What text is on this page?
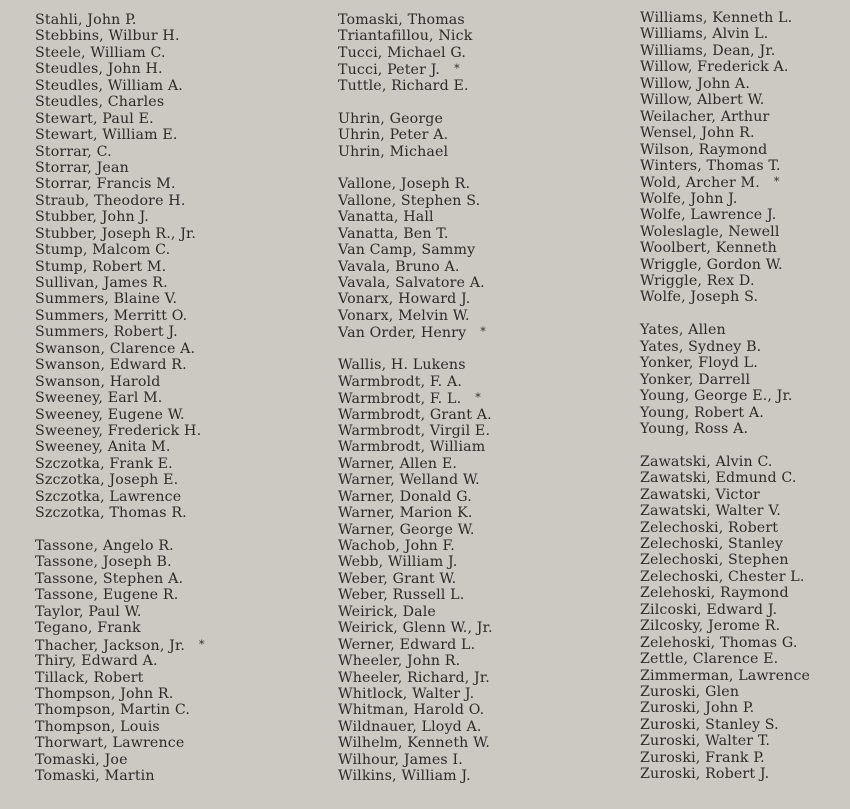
Stahli, John P.
Stebbins, Wilbur H.
Steele, William C.
Steudles, John H.
Steudles, William A.
Steudles, Charles
Stewart, Paul E.
Stewart, William E.
Storrar, C.
Storrar, Jean
Storrar, Francis M.
Straub, Theodore H.
Stubber, John J.
Stubber, Joseph R., Jr.
Stump, Malcom C.
Stump, Robert M.
Sullivan, James R.
Summers, Blaine V.
Summers, Merritt O.
Summers, Robert J.
Swanson, Clarence A.
Swanson, Edward R.
Swanson, Harold
Sweeney, Earl M.
Sweeney, Eugene W.
Sweeney, Frederick H.
Sweeney, Anita M.
Szczotka, Frank E.
Szczotka, Joseph E.
Szczotka, Lawrence
Szczotka, Thomas R.
Tassone, Angelo R.
Tassone, Joseph B.
Tassone, Stephen A.
Tassone, Eugene R.
Taylor, Paul W.
Tegano, Frank
Thacher, Jackson, Jr. *
Thiry, Edward A.
Tillack, Robert
Thompson, John R.
Thompson, Martin C.
Thompson, Louis
Thorwart, Lawrence
Tomaski, Joe
Tomaski, Martin
Tomaski, Thomas
Triantafillou, Nick
Tucci, Michael G.
Tucci, Peter J. *
Tuttle, Richard E.
Uhrin, George
Uhrin, Peter A.
Uhrin, Michael
Vallone, Joseph R.
Vallone, Stephen S.
Vanatta, Hall
Vanatta, Ben T.
Van Camp, Sammy
Vavala, Bruno A.
Vavala, Salvatore A.
Vonarx, Howard J.
Vonarx, Melvin W.
Van Order, Henry *
Wallis, H. Lukens
Warmbrodt, F. A.
Warmbrodt, F. L. *
Warmbrodt, Grant A.
Warmbrodt, Virgil E.
Warmbrodt, William
Warner, Allen E.
Warner, Welland W.
Warner, Donald G.
Warner, Marion K.
Warner, George W.
Wachob, John F.
Webb, William J.
Weber, Grant W.
Weber, Russell L.
Weirick, Dale
Weirick, Glenn W., Jr.
Werner, Edward L.
Wheeler, John R.
Wheeler, Richard, Jr.
Whitlock, Walter J.
Whitman, Harold O.
Wildnauer, Lloyd A.
Wilhelm, Kenneth W.
Wilhour, James I.
Wilkins, William J.
Williams, Kenneth L.
Williams, Alvin L.
Williams, Dean, Jr.
Willow, Frederick A.
Willow, John A.
Willow, Albert W.
Weilacher, Arthur
Wensel, John R.
Wilson, Raymond
Winters, Thomas T.
Wold, Archer M. *
Wolfe, John J.
Wolfe, Lawrence J.
Woleslagle, Newell
Woolbert, Kenneth
Wriggle, Gordon W.
Wriggle, Rex D.
Wolfe, Joseph S.
Yates, Allen
Yates, Sydney B.
Yonker, Floyd L.
Yonker, Darrell
Young, George E., Jr.
Young, Robert A.
Young, Ross A.
Zawatski, Alvin C.
Zawatski, Edmund C.
Zawatski, Victor
Zawatski, Walter V.
Zelechoski, Robert
Zelechoski, Stanley
Zelechoski, Stephen
Zelechoski, Chester L.
Zelehoski, Raymond
Zilcoski, Edward J.
Zilcosky, Jerome R.
Zelehoski, Thomas G.
Zettle, Clarence E.
Zimmerman, Lawrence
Zuroski, Glen
Zuroski, John P.
Zuroski, Stanley S.
Zuroski, Walter T.
Zuroski, Frank P.
Zuroski, Robert J.
